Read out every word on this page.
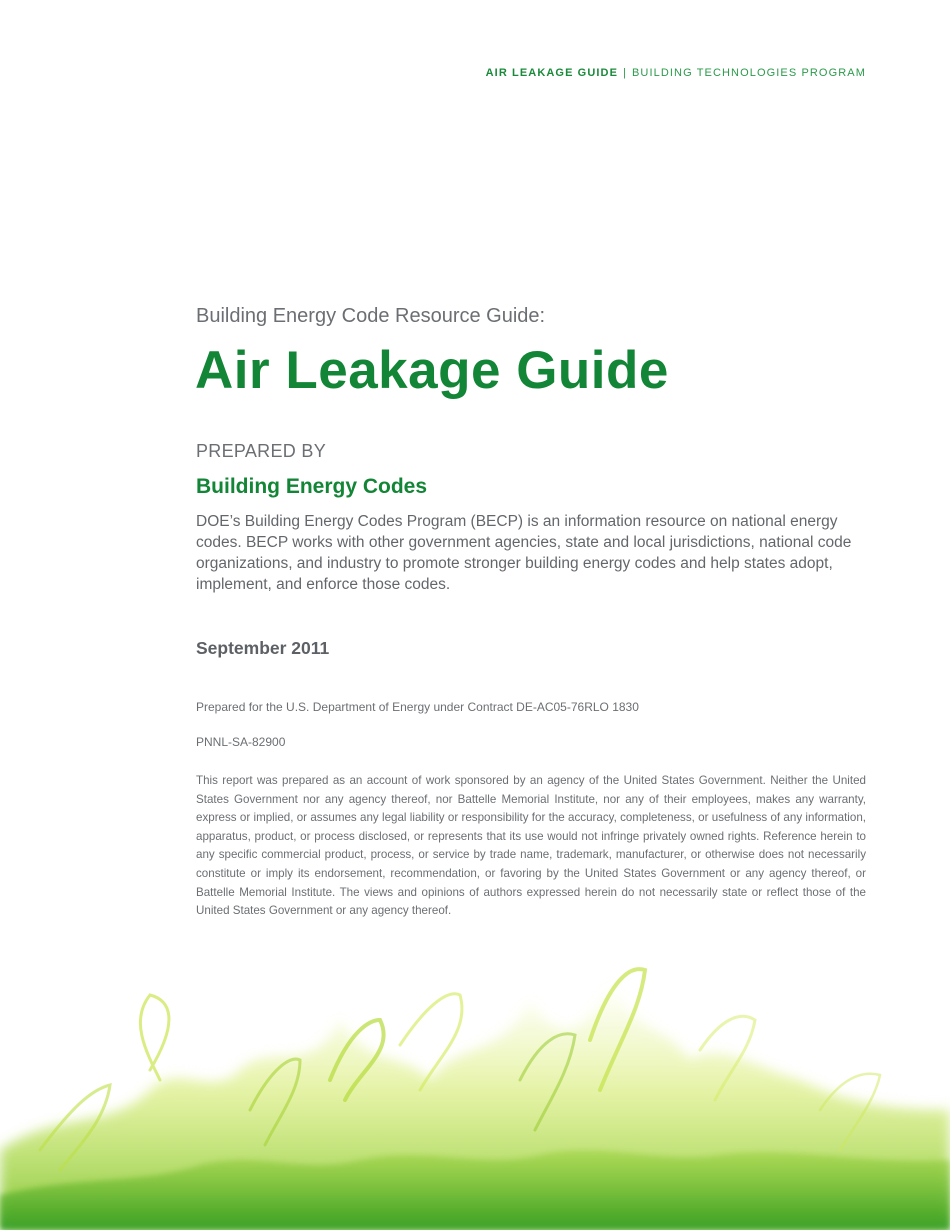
AIR LEAKAGE GUIDE | BUILDING TECHNOLOGIES PROGRAM
Building Energy Code Resource Guide:
Air Leakage Guide
PREPARED BY
Building Energy Codes

DOE’s Building Energy Codes Program (BECP) is an information resource on national energy codes. BECP works with other government agencies, state and local jurisdictions, national code organizations, and industry to promote stronger building energy codes and help states adopt, implement, and enforce those codes.

September 2011

Prepared for the U.S. Department of Energy under Contract DE-AC05-76RLO 1830

PNNL-SA-82900

This report was prepared as an account of work sponsored by an agency of the United States Government. Neither the United States Government nor any agency thereof, nor Battelle Memorial Institute, nor any of their employees, makes any warranty, express or implied, or assumes any legal liability or responsibility for the accuracy, completeness, or usefulness of any information, apparatus, product, or process disclosed, or represents that its use would not infringe privately owned rights. Reference herein to any specific commercial product, process, or service by trade name, trademark, manufacturer, or otherwise does not necessarily constitute or imply its endorsement, recommendation, or favoring by the United States Government or any agency thereof, or Battelle Memorial Institute. The views and opinions of authors expressed herein do not necessarily state or reflect those of the United States Government or any agency thereof.
